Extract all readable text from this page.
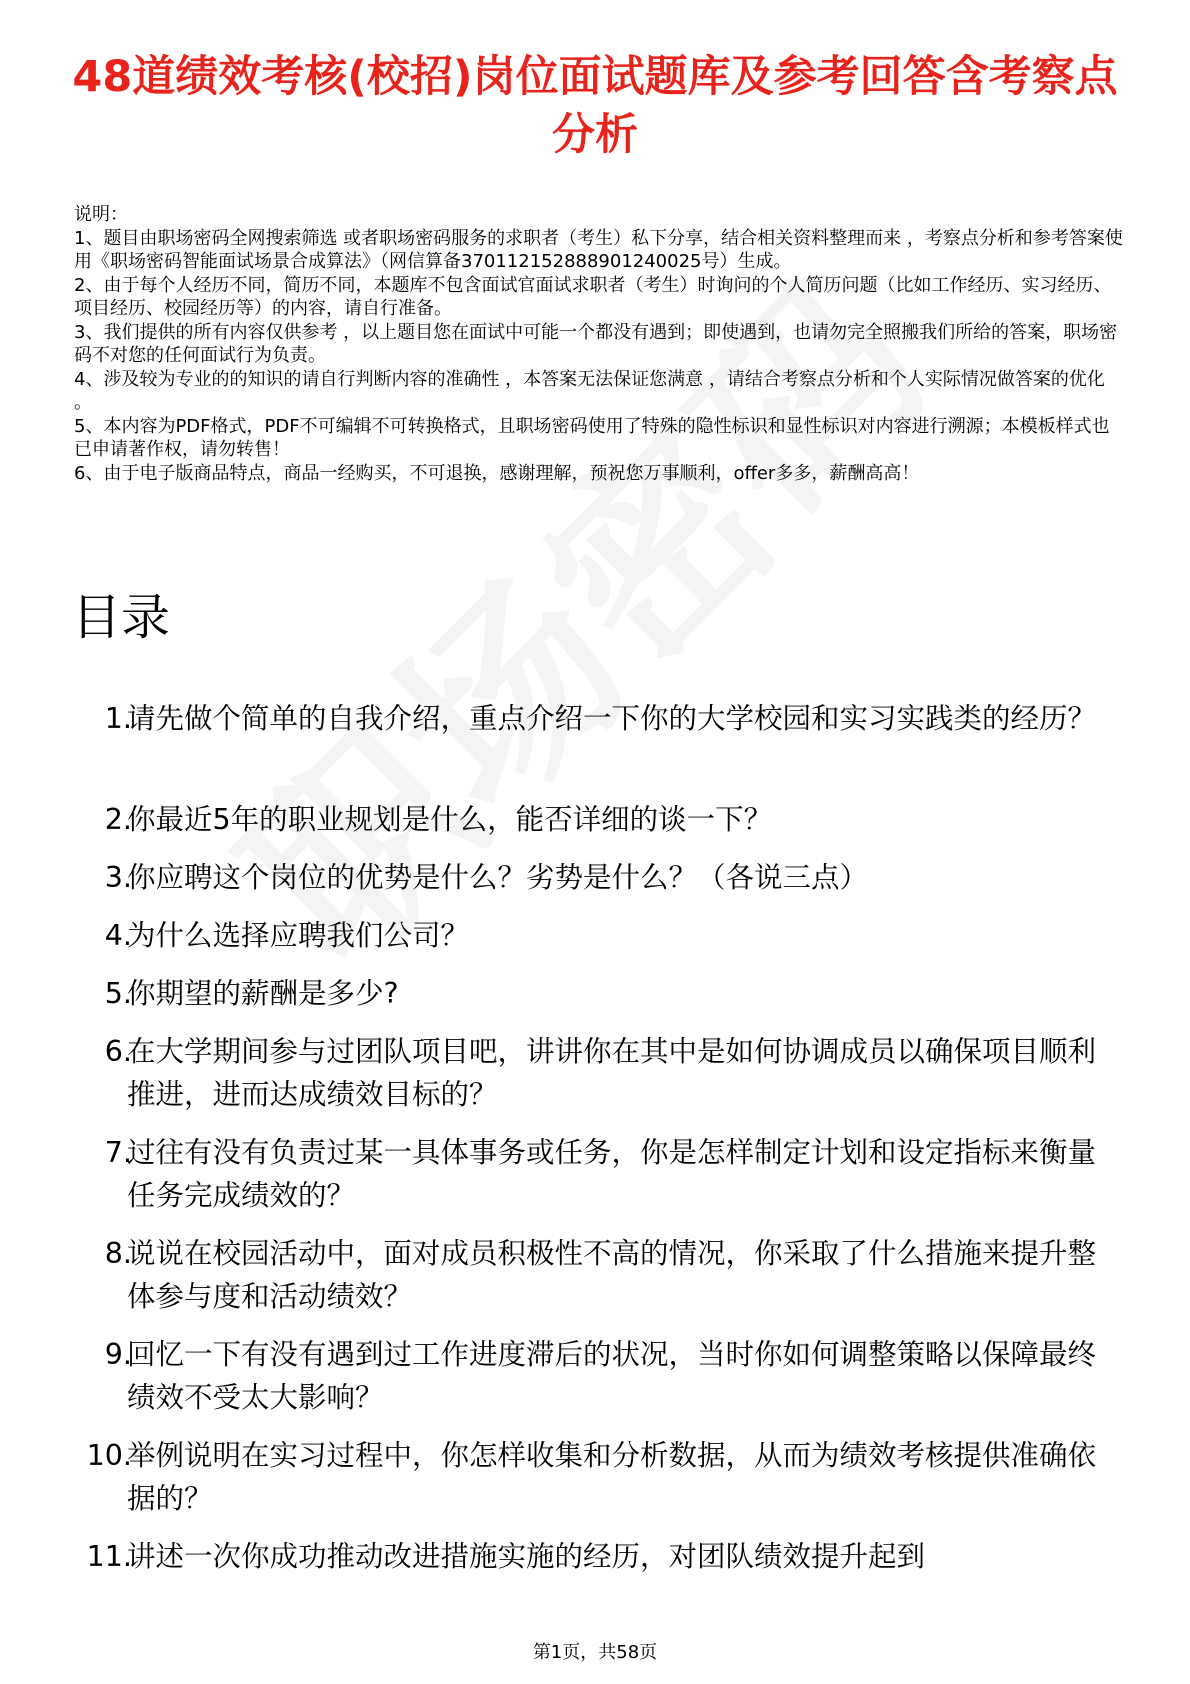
48道绩效考核(校招)岗位面试题库及参考回答含考察点分析

说明：

1、题目由职场密码全网搜索筛选 或者职场密码服务的求职者（考生）私下分享，结合相关资料整理而来 ，考察点分析和参考答案使用《职场密码智能面试场景合成算法》（网信算备370112152888901240025号）生成。

2、由于每个人经历不同，简历不同，本题库不包含面试官面试求职者（考生）时询问的个人简历问题（比如工作经历、实习经历、项目经历、校园经历等）的内容，请自行准备。

3、我们提供的所有内容仅供参考 ，以上题目您在面试中可能一个都没有遇到；即使遇到，也请勿完全照搬我们所给的答案，职场密码不对您的任何面试行为负责。

4、涉及较为专业的的知识的请自行判断内容的准确性 ，本答案无法保证您满意 ，请结合考察点分析和个人实际情况做答案的优化 。

5、本内容为PDF格式，PDF不可编辑不可转换格式，且职场密码使用了特殊的隐性标识和显性标识对内容进行溯源；本模板样式也已申请著作权，请勿转售！

6、由于电子版商品特点，商品一经购买，不可退换，感谢理解，预祝您万事顺利，offer多多，薪酬高高！

目录
1.
请先做个简单的自我介绍，重点介绍一下你的大学校园和实习实践类的经历？
2.
你最近5年的职业规划是什么，能否详细的谈一下？
3.
你应聘这个岗位的优势是什么？劣势是什么？（各说三点）
4.
为什么选择应聘我们公司？
5.
你期望的薪酬是多少?
6.
在大学期间参与过团队项目吧，讲讲你在其中是如何协调成员以确保项目顺利推进，进而达成绩效目标的？
7.
过往有没有负责过某一具体事务或任务，你是怎样制定计划和设定指标来衡量任务完成绩效的？
8.
说说在校园活动中，面对成员积极性不高的情况，你采取了什么措施来提升整体参与度和活动绩效？
9.
回忆一下有没有遇到过工作进度滞后的状况，当时你如何调整策略以保障最终绩效不受太大影响？
10.
举例说明在实习过程中，你怎样收集和分析数据，从而为绩效考核提供准确依据的？
11.
讲述一次你成功推动改进措施实施的经历，对团队绩效提升起到
第1页，共58页
